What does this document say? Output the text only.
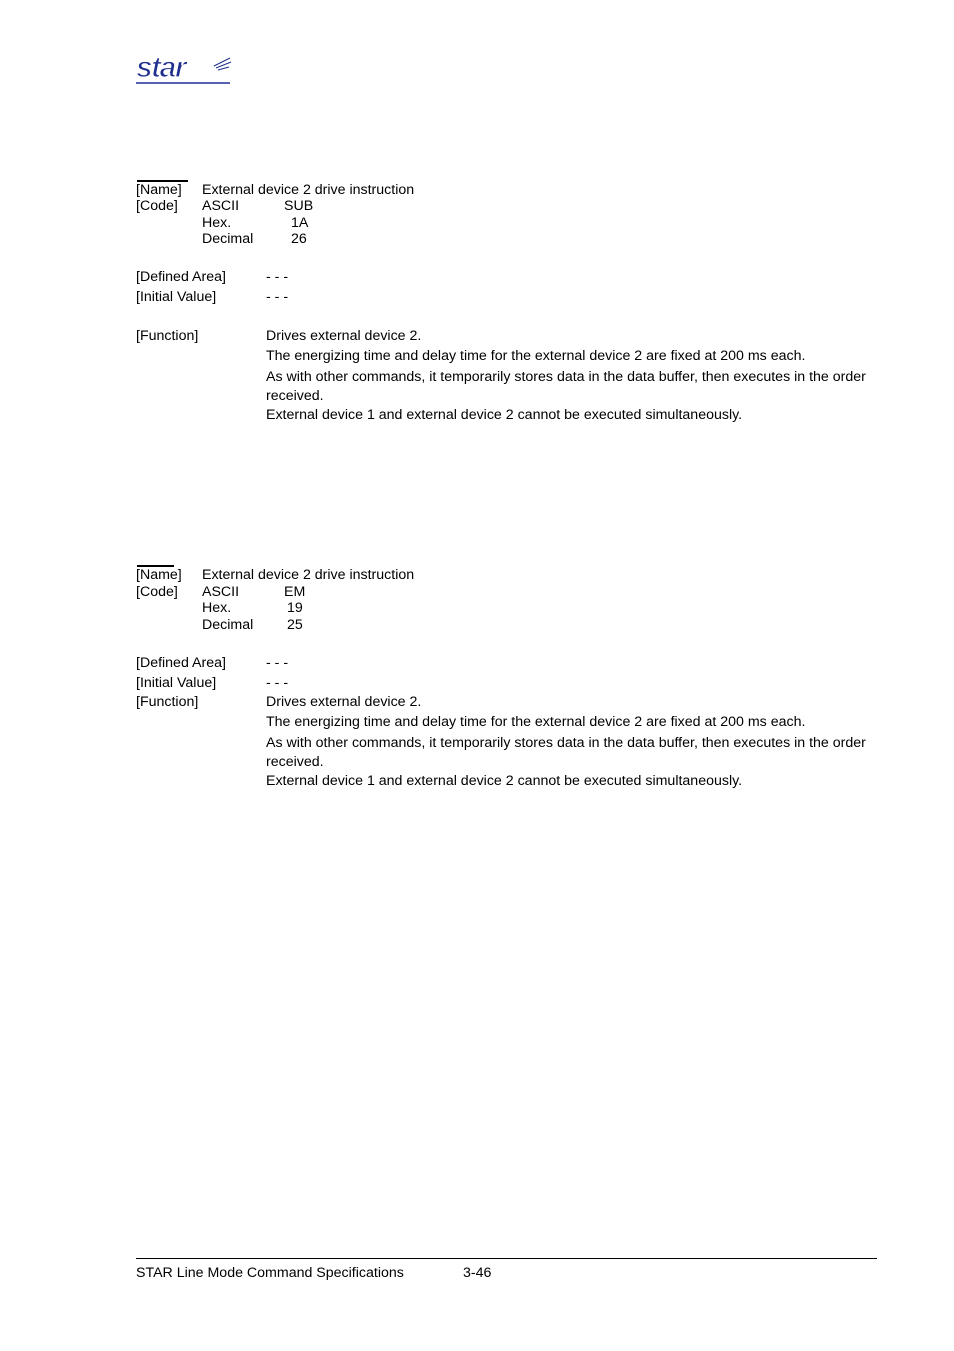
star
[Name] External device 2 drive instruction
[Code] ASCII	SUB
Hex.	1A
Decimal	26
[Defined Area]	- - -
[Initial Value]	- - -
[Function]	Drives external device 2.
The energizing time and delay time for the external device 2 are fixed at 200 ms each.
As with other commands, it temporarily stores data in the data buffer, then executes in the order received.
External device 1 and external device 2 cannot be executed simultaneously.
[Name] External device 2 drive instruction
[Code] ASCII	EM
Hex.	19
Decimal 25
[Defined Area]	- - -
[Initial Value]	- - -
[Function]	Drives external device 2.
The energizing time and delay time for the external device 2 are fixed at 200 ms each.
As with other commands, it temporarily stores data in the data buffer, then executes in the order received.
External device 1 and external device 2 cannot be executed simultaneously.
STAR Line Mode Command Specifications	3-46
